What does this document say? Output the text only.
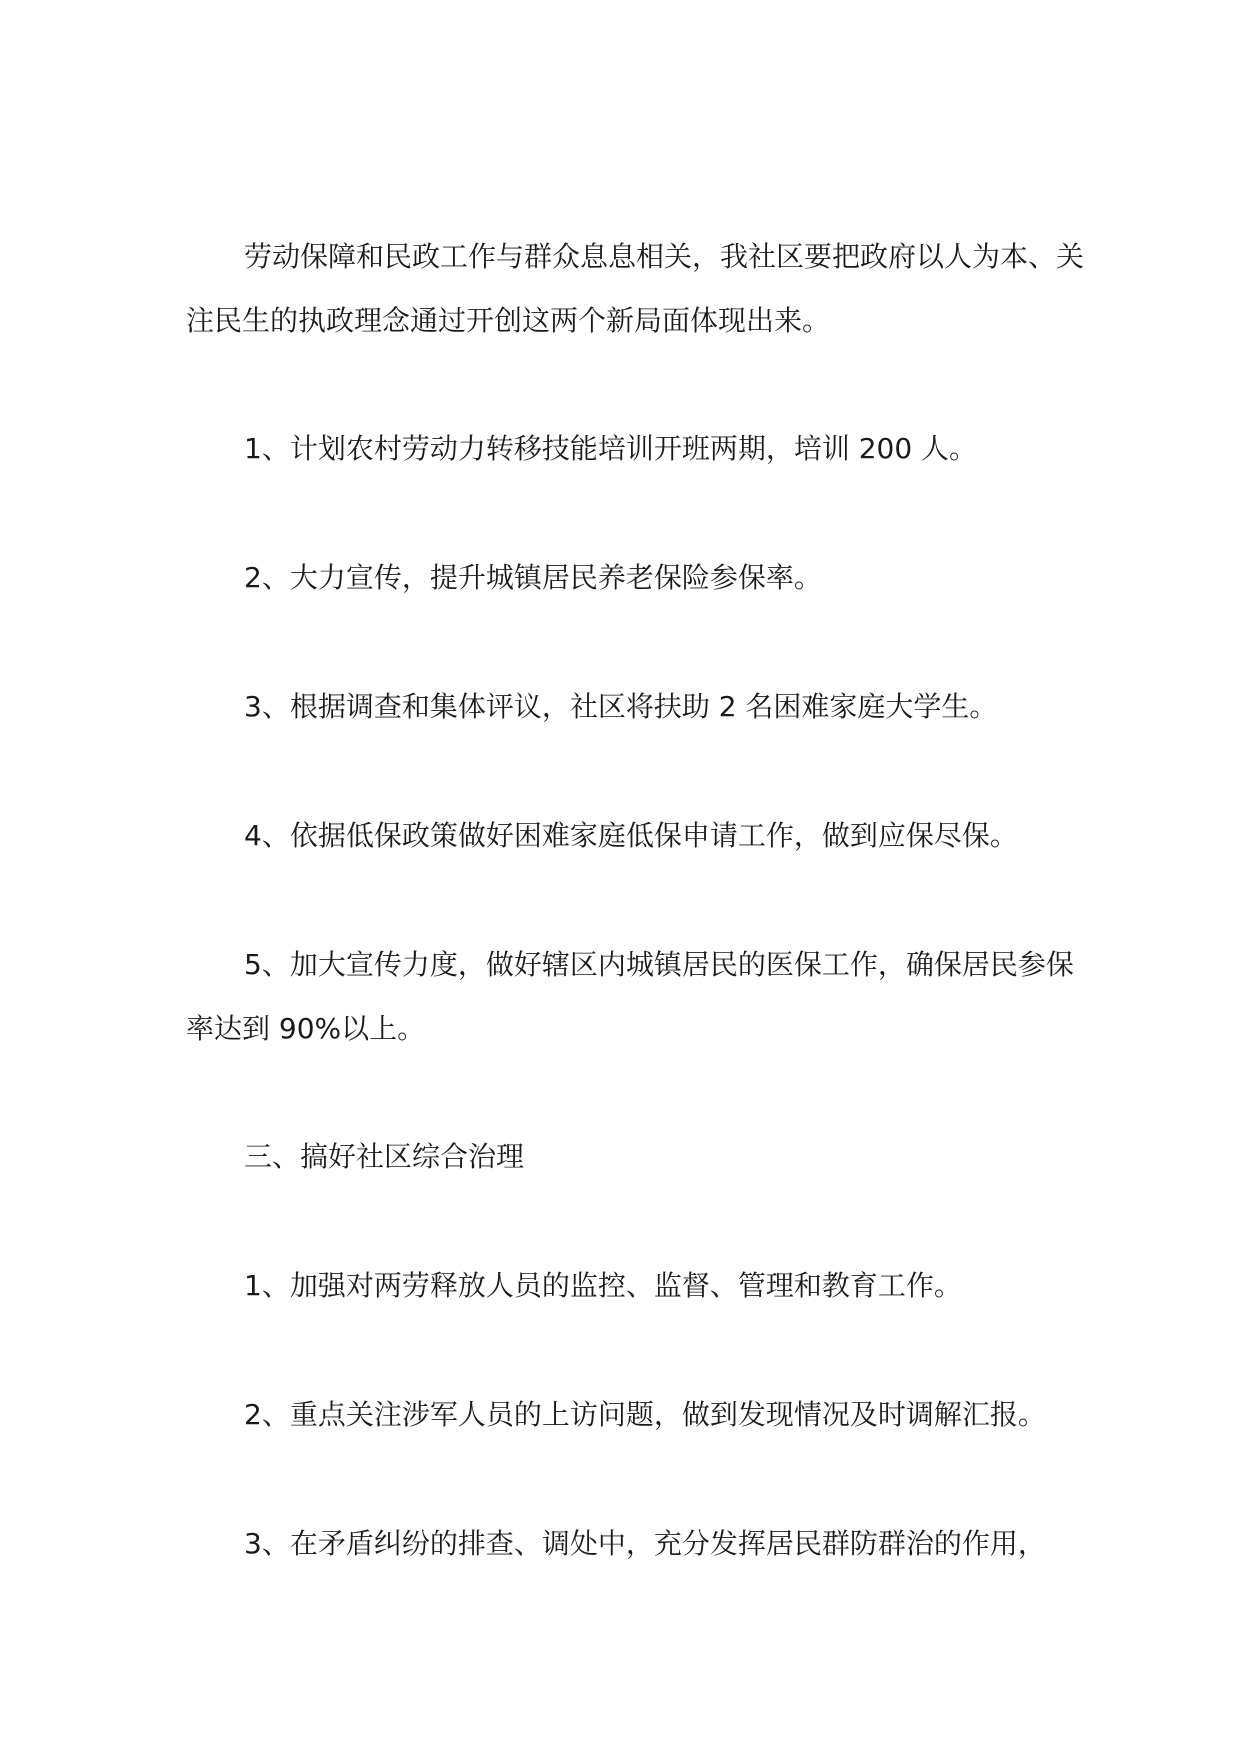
劳动保障和民政工作与群众息息相关，我社区要把政府以人为本、关注民生的执政理念通过开创这两个新局面体现出来。

1、计划农村劳动力转移技能培训开班两期，培训 200 人。

2、大力宣传，提升城镇居民养老保险参保率。

3、根据调查和集体评议，社区将扶助 2 名困难家庭大学生。

4、依据低保政策做好困难家庭低保申请工作，做到应保尽保。

5、加大宣传力度，做好辖区内城镇居民的医保工作，确保居民参保率达到 90%以上。

三、搞好社区综合治理

1、加强对两劳释放人员的监控、监督、管理和教育工作。

2、重点关注涉军人员的上访问题，做到发现情况及时调解汇报。

3、在矛盾纠纷的排查、调处中，充分发挥居民群防群治的作用，
